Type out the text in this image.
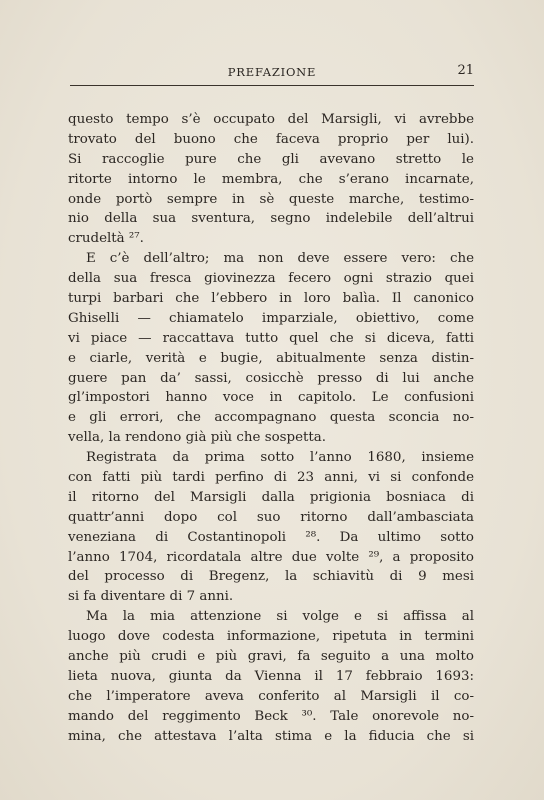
PREFAZIONE	21
questo tempo s’è occupato del Marsigli, vi avrebbe
trovato del buono che faceva proprio per lui).
Si raccoglie pure che gli avevano stretto le
ritorte intorno le membra, che s’erano incarnate,
onde portò sempre in sè queste marche, testimo-
nio della sua sventura, segno indelebile dell’altrui
crudeltà ²⁷.
E c’è dell’altro; ma non deve essere vero: che
della sua fresca giovinezza fecero ogni strazio quei
turpi barbari che l’ebbero in loro balìa. Il canonico
Ghiselli — chiamatelo imparziale, obiettivo, come
vi piace — raccattava tutto quel che si diceva, fatti
e ciarle, verità e bugie, abitualmente senza distin-
guere pan da’ sassi, cosicchè presso di lui anche
gl’impostori hanno voce in capitolo. Le confusioni
e gli errori, che accompagnano questa sconcia no-
vella, la rendono già più che sospetta.
Registrata da prima sotto l’anno 1680, insieme
con fatti più tardi perfino di 23 anni, vi si confonde
il ritorno del Marsigli dalla prigionia bosniaca di
quattr’anni dopo col suo ritorno dall’ambasciata
veneziana di Costantinopoli ²⁸. Da ultimo sotto
l’anno 1704, ricordatala altre due volte ²⁹, a proposito
del processo di Bregenz, la schiavitù di 9 mesi
si fa diventare di 7 anni.
Ma la mia attenzione si volge e si affissa al
luogo dove codesta informazione, ripetuta in termini
anche più crudi e più gravi, fa seguito a una molto
lieta nuova, giunta da Vienna il 17 febbraio 1693:
che l’imperatore aveva conferito al Marsigli il co-
mando del reggimento Beck ³⁰. Tale onorevole no-
mina, che attestava l’alta stima e la fiducia che si
